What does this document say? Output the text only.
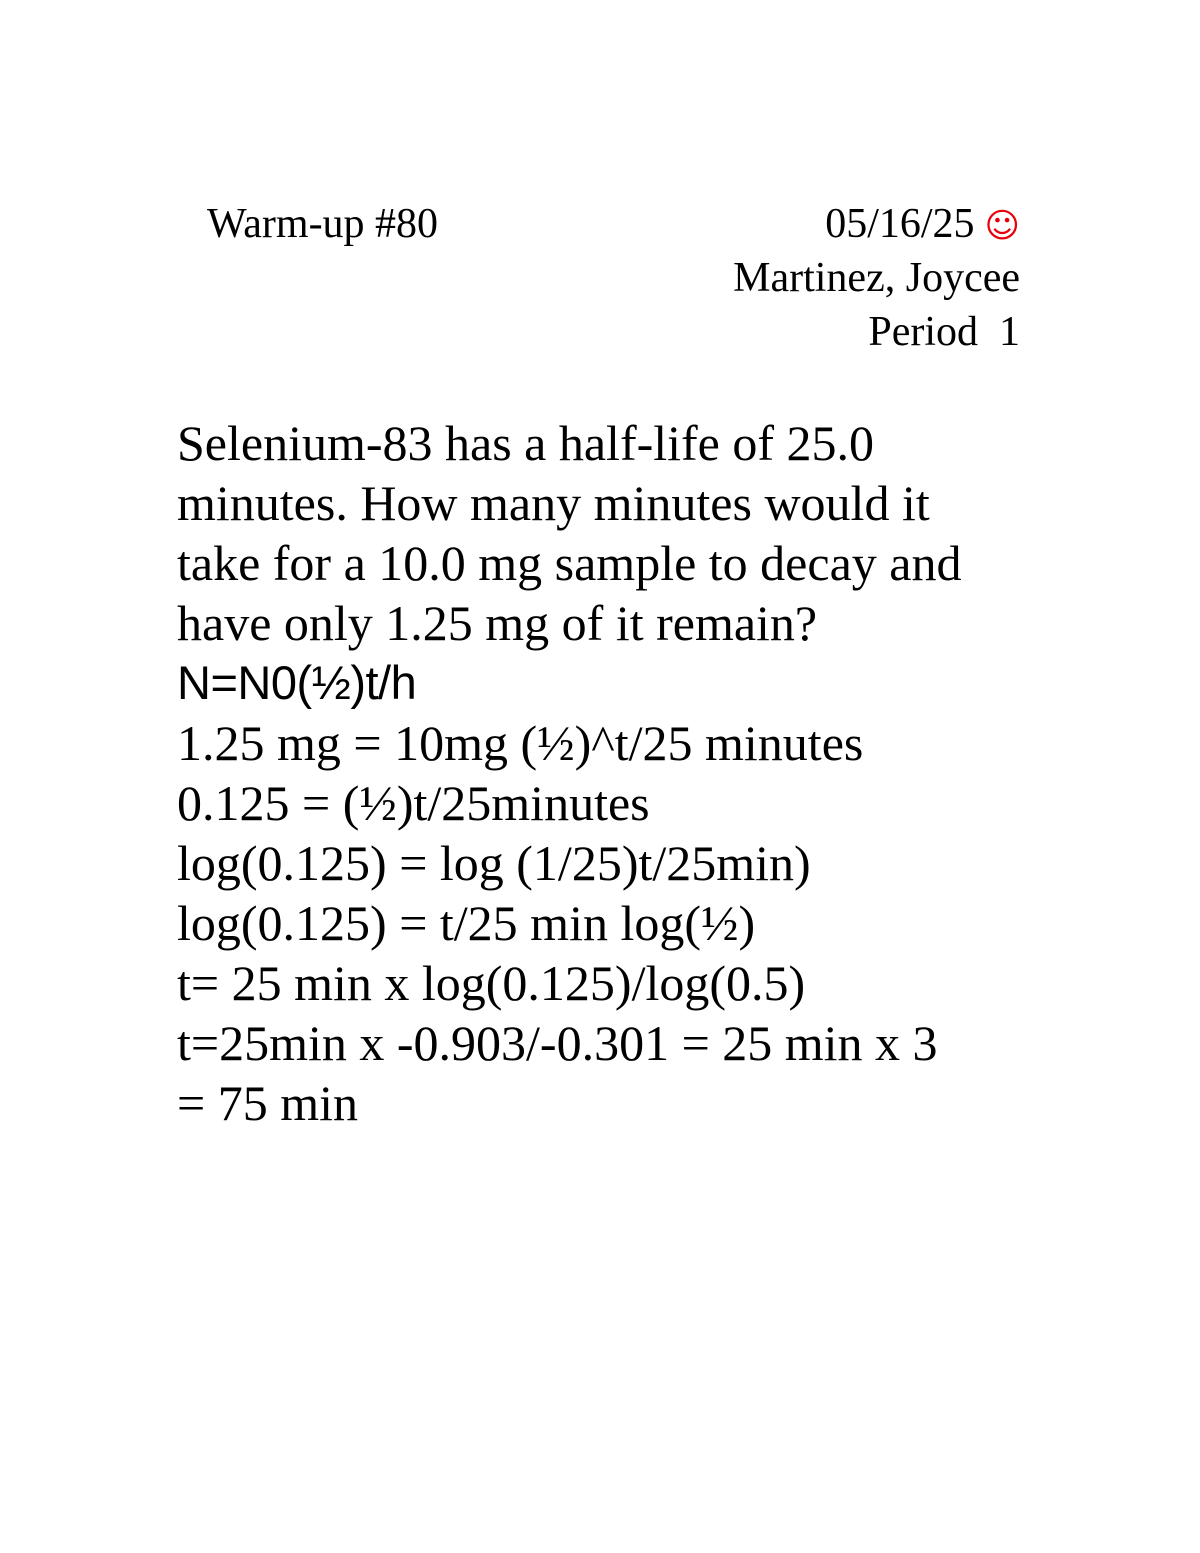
Warm-up #80	05/16/25 ☺
Martinez, Joycee
Period  1
Selenium-83 has a half-life of 25.0
minutes. How many minutes would it
take for a 10.0 mg sample to decay and
have only 1.25 mg of it remain?
N=N0(½)t/h
1.25 mg = 10mg (½)^t/25 minutes
0.125 = (½)t/25minutes
log(0.125) = log (1/25)t/25min)
log(0.125) = t/25 min log(½)
t= 25 min x log(0.125)/log(0.5)
t=25min x -0.903/-0.301 = 25 min x 3
= 75 min
